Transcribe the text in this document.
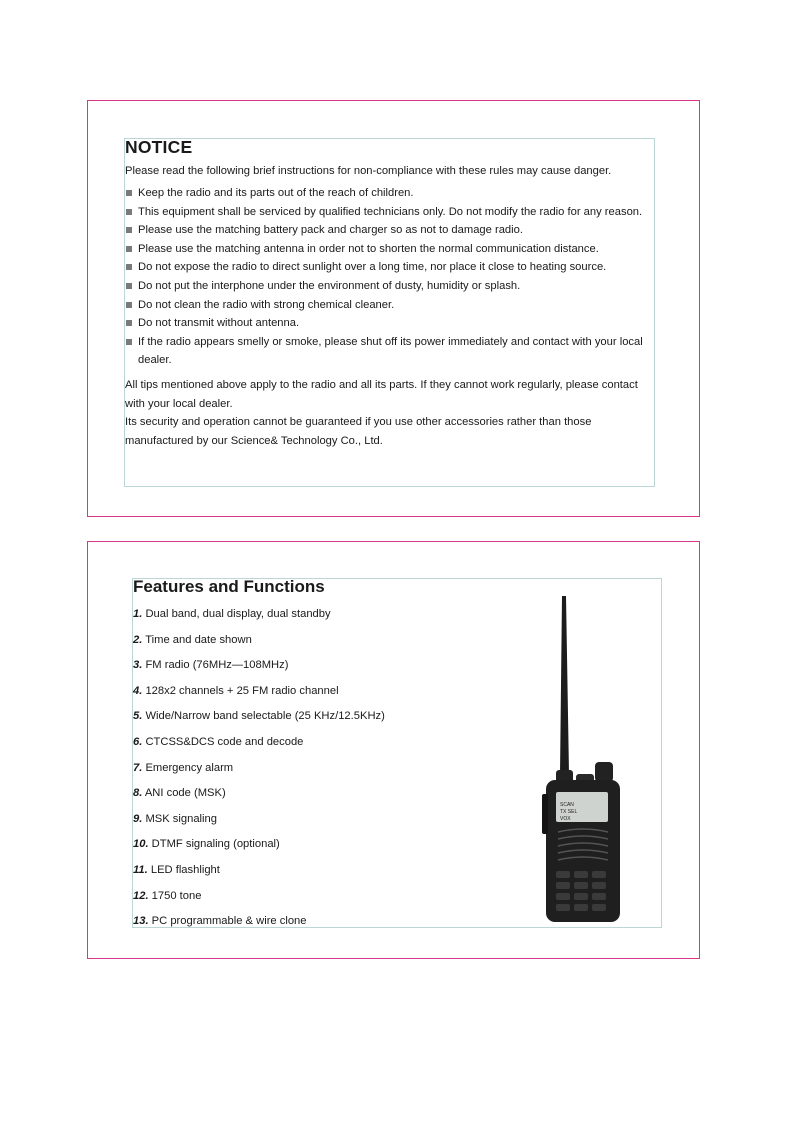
NOTICE

Please read the following brief instructions for non-compliance with these rules may cause danger.

Keep the radio and its parts out of the reach of children.
This equipment shall be serviced by qualified technicians only. Do not modify the radio for any reason.
Please use the matching battery pack and charger so as not to damage radio.
Please use the matching antenna in order not to shorten the normal communication distance.
Do not expose the radio to direct sunlight over a long time, nor place it close to heating source.
Do not put the interphone under the environment of dusty, humidity or splash.
Do not clean the radio with strong chemical cleaner.
Do not transmit without antenna.
If the radio appears smelly or smoke, please shut off its power immediately and contact with your local dealer.

All tips mentioned above apply to the radio and all its parts. If they cannot work regularly, please contact with your local dealer.

Its security and operation cannot be guaranteed if you use other accessories rather than those manufactured by our Science& Technology Co., Ltd.

Features and Functions
1. Dual band, dual display, dual standby
2. Time and date shown
3. FM radio (76MHz—108MHz)
4. 128x2 channels + 25 FM radio channel
5. Wide/Narrow band selectable (25 KHz/12.5KHz)
6. CTCSS&DCS code and decode
7. Emergency alarm
8. ANI code (MSK)
9. MSK signaling
10. DTMF signaling (optional)
11. LED flashlight
12. 1750 tone
13. PC programmable & wire clone
SCAN
TX SEL
VOX
